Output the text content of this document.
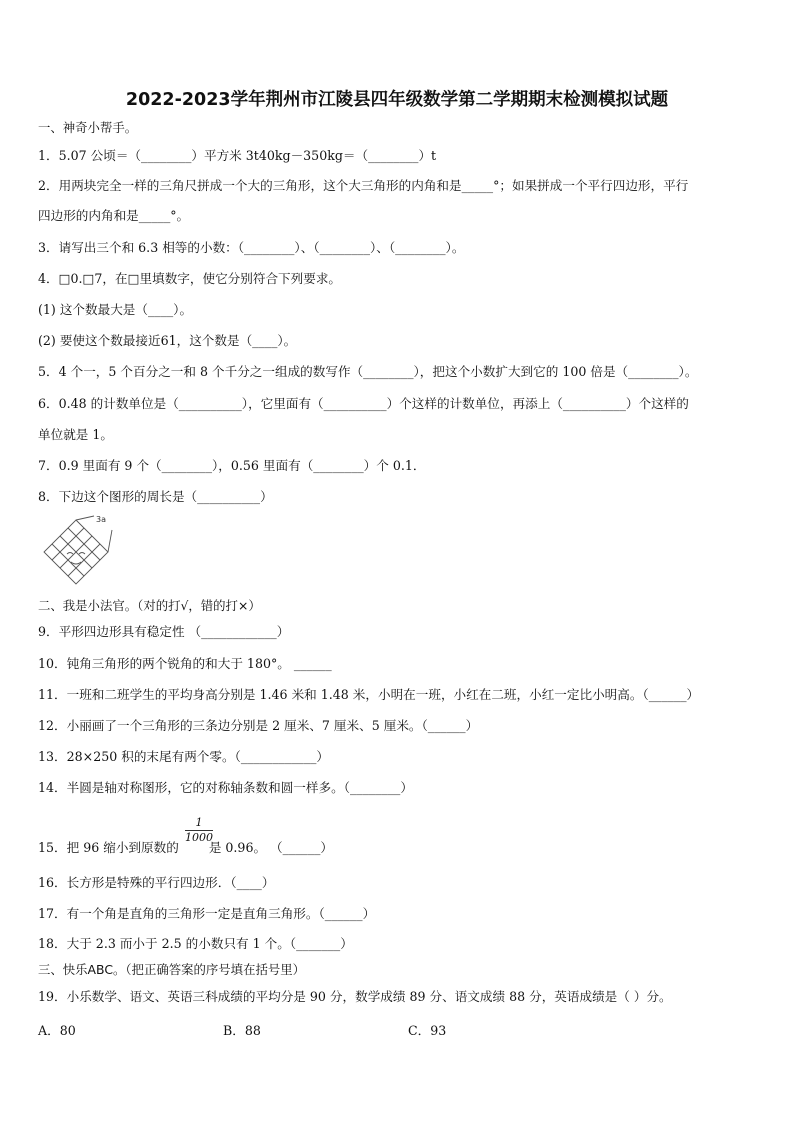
2022-2023学年荆州市江陵县四年级数学第二学期期末检测模拟试题
一、神奇小帮手。
1．5.07 公顷＝（________）平方米 3t40kg－350kg＝（________）t
2．用两块完全一样的三角尺拼成一个大的三角形，这个大三角形的内角和是_____°；如果拼成一个平行四边形，平行
四边形的内角和是_____°。
3．请写出三个和 6.3 相等的小数：（________）、（________）、（________）。
4．□0.□7，在□里填数字，使它分别符合下列要求。
(1) 这个数最大是（____）。
(2) 要使这个数最接近61，这个数是（____）。
5．4 个一，5 个百分之一和 8 个千分之一组成的数写作（________），把这个小数扩大到它的 100 倍是（________）。
6．0.48 的计数单位是（__________），它里面有（__________）个这样的计数单位，再添上（__________）个这样的
单位就是 1。
7．0.9 里面有 9 个（________），0.56 里面有（________）个 0.1．
8．下边这个图形的周长是（__________）
3a
二、我是小法官。（对的打√，错的打×）
9．平形四边形具有稳定性 （____________）
10．钝角三角形的两个锐角的和大于 180°。 ______
11．一班和二班学生的平均身高分别是 1.46 米和 1.48 米，小明在一班，小红在二班，小红一定比小明高。（______）
12．小丽画了一个三角形的三条边分别是 2 厘米、7 厘米、5 厘米。（______）
13．28×250 积的末尾有两个零。（____________）
14．半圆是轴对称图形，它的对称轴条数和圆一样多。（________）
$\frac{1}{1000}$
15．把 96 缩小到原数的 是 0.96。 （______）
16．长方形是特殊的平行四边形．（____）
17．有一个角是直角的三角形一定是直角三角形。（______）
18．大于 2.3 而小于 2.5 的小数只有 1 个。（_______）
三、快乐ABC。（把正确答案的序号填在括号里）
19．小乐数学、语文、英语三科成绩的平均分是 90 分，数学成绩 89 分、语文成绩 88 分，英语成绩是（ ）分。
A．80	B．88	C．93
